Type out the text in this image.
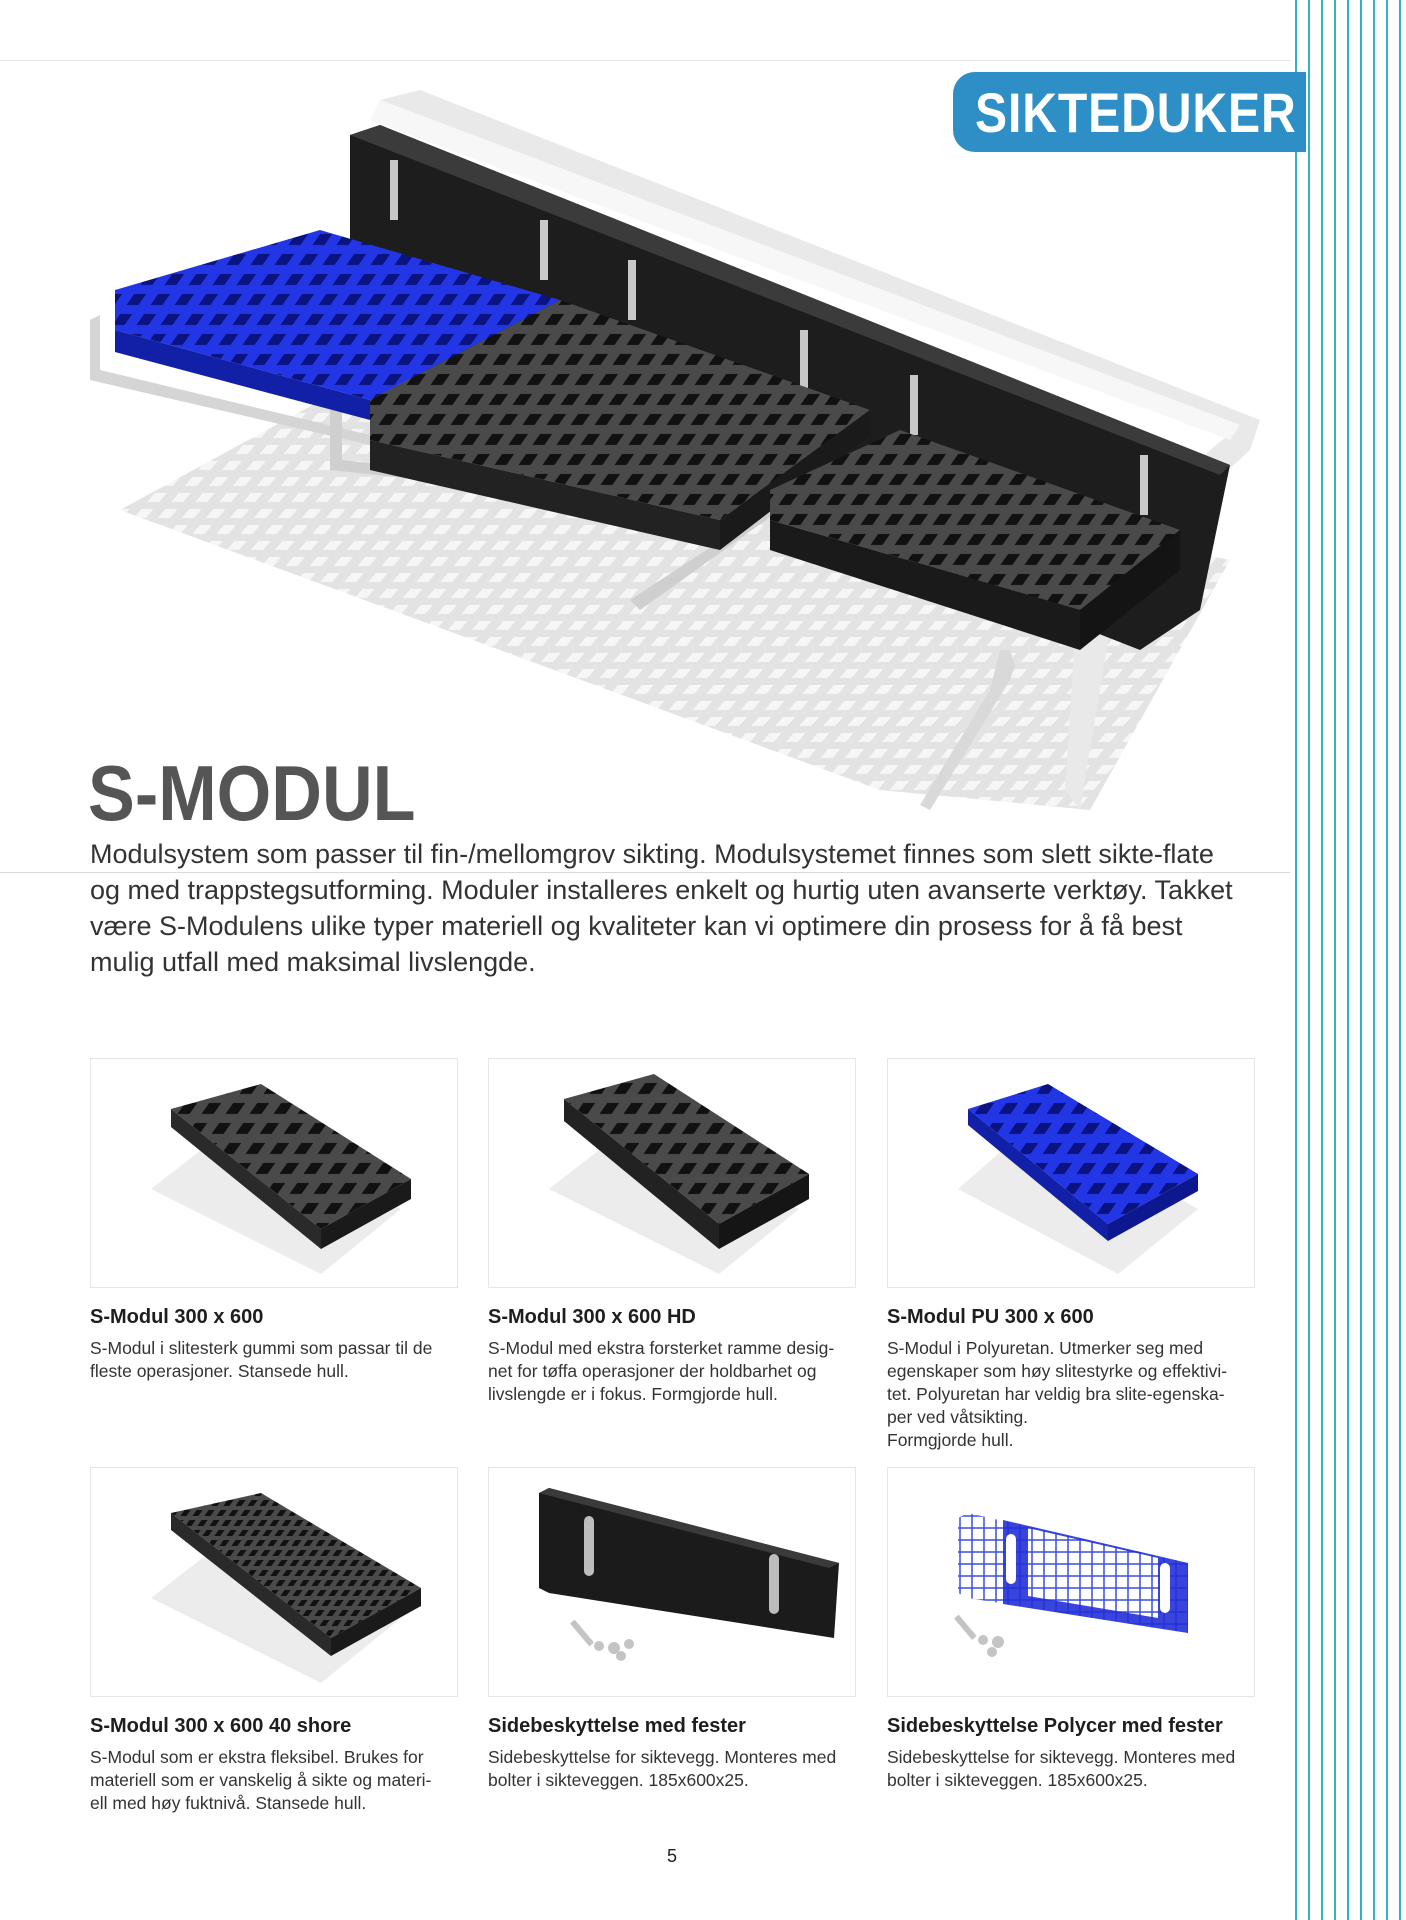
SIKTEDUKER
S-MODUL

Modulsystem som passer til fin-/mellomgrov sikting. Modulsystemet finnes som slett sikte-flate og med trappstegsutforming. Moduler installeres enkelt og hurtig uten avanserte verktøy. Takket være S-Modulens ulike typer materiell og kvaliteter kan vi optimere din prosess for å få best mulig utfall med maksimal livslengde.

S-Modul 300 x 600

S-Modul i slitesterk gummi som passar til de
fleste operasjoner. Stansede hull.

S-Modul 300 x 600 HD

S-Modul med ekstra forsterket ramme desig-
net for tøffa operasjoner der holdbarhet og
livslengde er i fokus. Formgjorde hull.

S-Modul PU 300 x 600

S-Modul i Polyuretan. Utmerker seg med
egenskaper som høy slitestyrke og effektivi-
tet. Polyuretan har veldig bra slite-egenska-
per ved våtsikting.
Formgjorde hull.

S-Modul 300 x 600 40 shore

S-Modul som er ekstra fleksibel. Brukes for
materiell som er vanskelig å sikte og materi-
ell med høy fuktnivå. Stansede hull.

Sidebeskyttelse med fester

Sidebeskyttelse for siktevegg. Monteres med
bolter i sikteveggen. 185x600x25.

Sidebeskyttelse Polycer med fester

Sidebeskyttelse for siktevegg. Monteres med
bolter i sikteveggen. 185x600x25.

5
